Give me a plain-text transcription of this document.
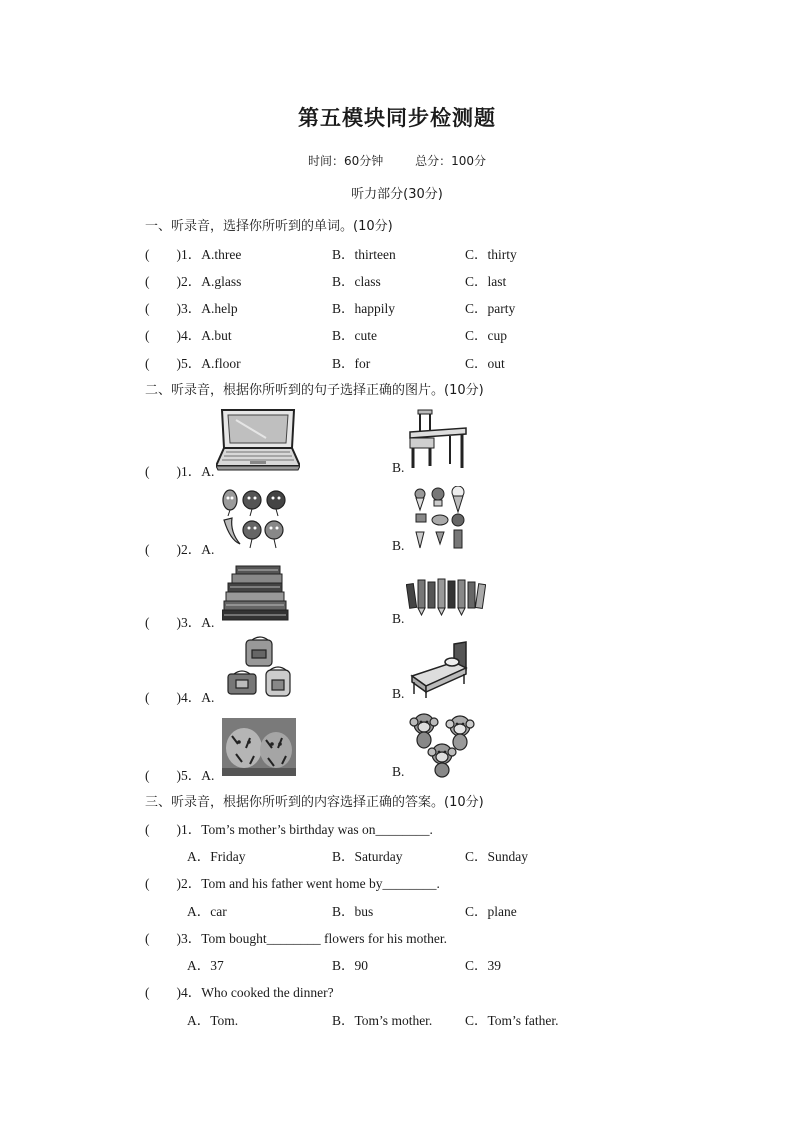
第五模块同步检测题
时间：60分钟	总分：100分
听力部分(30分)
一、听录音，选择你所听到的单词。(10分)
(　　)1．A.three	B．thirteen	C．thirty
(　　)2．A.glass	B．class	C．last
(　　)3．A.help	B．happily	C．party
(　　)4．A.but	B．cute	C．cup
(　　)5．A.floor	B．for	C．out
二、听录音，根据你所听到的句子选择正确的图片。(10分)
(　　)1．A.	B.
(　　)2．A.	B.
(　　)3．A.	B.
(　　)4．A.	B.
(　　)5．A.	B.
三、听录音，根据你所听到的内容选择正确的答案。(10分)
(　　)1．Tom’s mother’s birthday was on________.
A．Friday	B．Saturday	C．Sunday
(　　)2．Tom and his father went home by________.
A．car	B．bus	C．plane
(　　)3．Tom bought________ flowers for his mother.
A．37	B．90	C．39
(　　)4．Who cooked the dinner?
A．Tom.	B．Tom’s mother. C．Tom’s father.
